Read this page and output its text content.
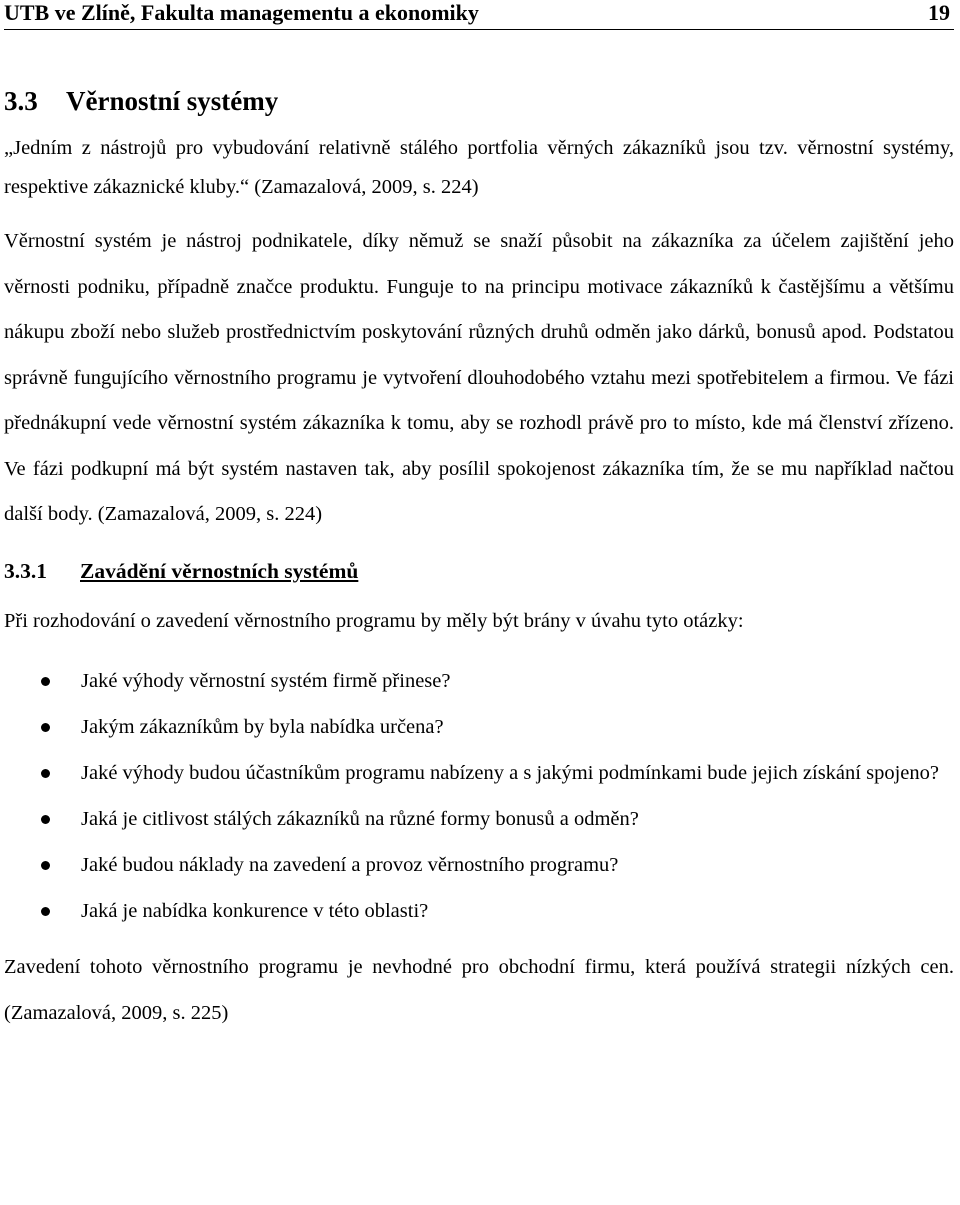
UTB ve Zlíně, Fakulta managementu a ekonomiky	19
3.3 Věrnostní systémy

„Jedním z nástrojů pro vybudování relativně stálého portfolia věrných zákazníků jsou tzv. věrnostní systémy, respektive zákaznické kluby.“ (Zamazalová, 2009, s. 224)

Věrnostní systém je nástroj podnikatele, díky němuž se snaží působit na zákazníka za účelem zajištění jeho věrnosti podniku, případně značce produktu. Funguje to na principu motivace zákazníků k častějšímu a většímu nákupu zboží nebo služeb prostřednictvím poskytování různých druhů odměn jako dárků, bonusů apod. Podstatou správně fungujícího věrnostního programu je vytvoření dlouhodobého vztahu mezi spotřebitelem a firmou. Ve fázi přednákupní vede věrnostní systém zákazníka k tomu, aby se rozhodl právě pro to místo, kde má členství zřízeno. Ve fázi podkupní má být systém nastaven tak, aby posílil spokojenost zákazníka tím, že se mu například načtou další body. (Zamazalová, 2009, s. 224)

3.3.1 Zavádění věrnostních systémů

Při rozhodování o zavedení věrnostního programu by měly být brány v úvahu tyto otázky:

Jaké výhody věrnostní systém firmě přinese?
Jakým zákazníkům by byla nabídka určena?
Jaké výhody budou účastníkům programu nabízeny a s jakými podmínkami bude jejich získání spojeno?
Jaká je citlivost stálých zákazníků na různé formy bonusů a odměn?
Jaké budou náklady na zavedení a provoz věrnostního programu?
Jaká je nabídka konkurence v této oblasti?

Zavedení tohoto věrnostního programu je nevhodné pro obchodní firmu, která používá strategii nízkých cen. (Zamazalová, 2009, s. 225)
